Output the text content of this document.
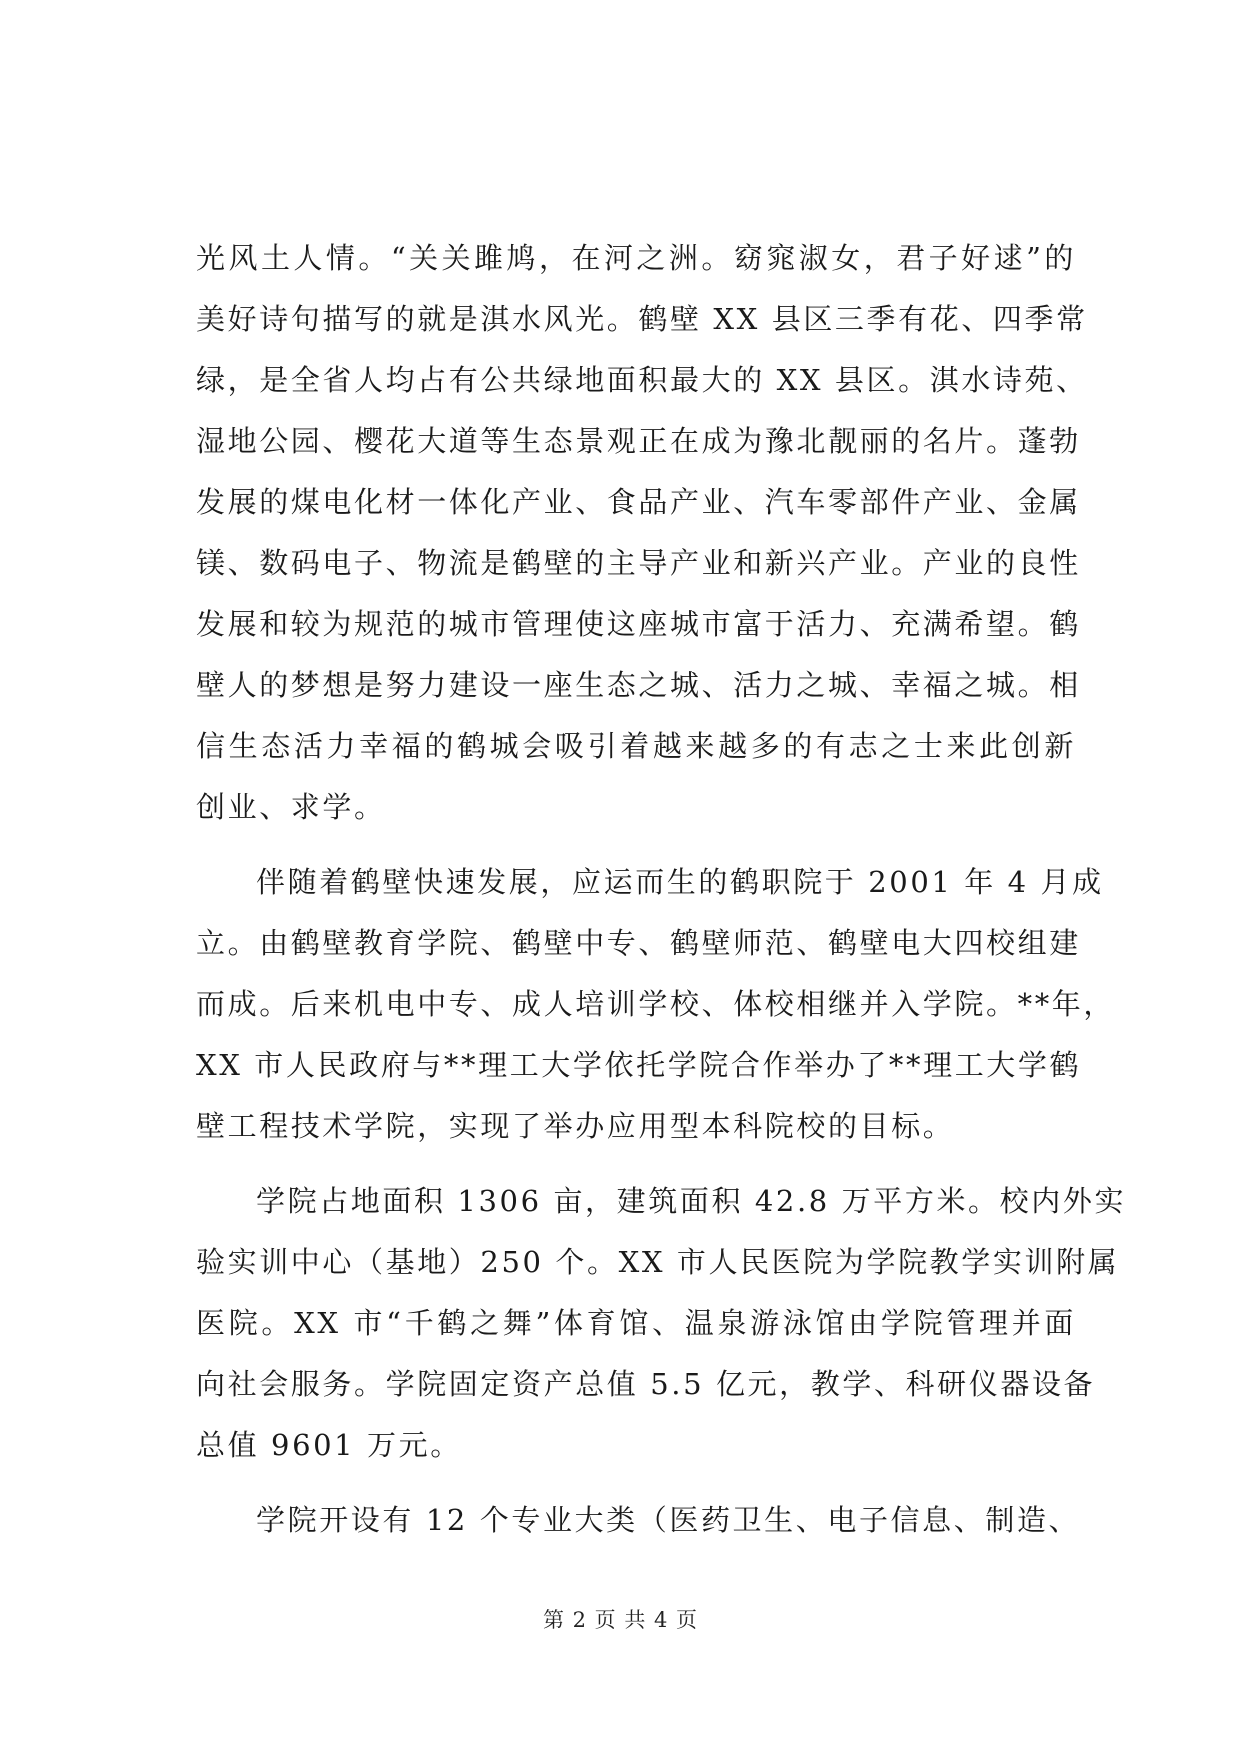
光风土人情。“关关雎鸠，在河之洲。窈窕淑女，君子好逑”的
美好诗句描写的就是淇水风光。鹤壁 XX 县区三季有花、四季常
绿，是全省人均占有公共绿地面积最大的 XX 县区。淇水诗苑、
湿地公园、樱花大道等生态景观正在成为豫北靓丽的名片。蓬勃
发展的煤电化材一体化产业、食品产业、汽车零部件产业、金属
镁、数码电子、物流是鹤壁的主导产业和新兴产业。产业的良性
发展和较为规范的城市管理使这座城市富于活力、充满希望。鹤
壁人的梦想是努力建设一座生态之城、活力之城、幸福之城。相
信生态活力幸福的鹤城会吸引着越来越多的有志之士来此创新
创业、求学。
伴随着鹤壁快速发展，应运而生的鹤职院于 2001 年 4 月成
立。由鹤壁教育学院、鹤壁中专、鹤壁师范、鹤壁电大四校组建
而成。后来机电中专、成人培训学校、体校相继并入学院。**年，
XX 市人民政府与**理工大学依托学院合作举办了**理工大学鹤
壁工程技术学院，实现了举办应用型本科院校的目标。
学院占地面积 1306 亩，建筑面积 42.8 万平方米。校内外实
验实训中心（基地）250 个。XX 市人民医院为学院教学实训附属
医院。XX 市“千鹤之舞”体育馆、温泉游泳馆由学院管理并面
向社会服务。学院固定资产总值 5.5 亿元，教学、科研仪器设备
总值 9601 万元。
学院开设有 12 个专业大类（医药卫生、电子信息、制造、
第 2 页 共 4 页
